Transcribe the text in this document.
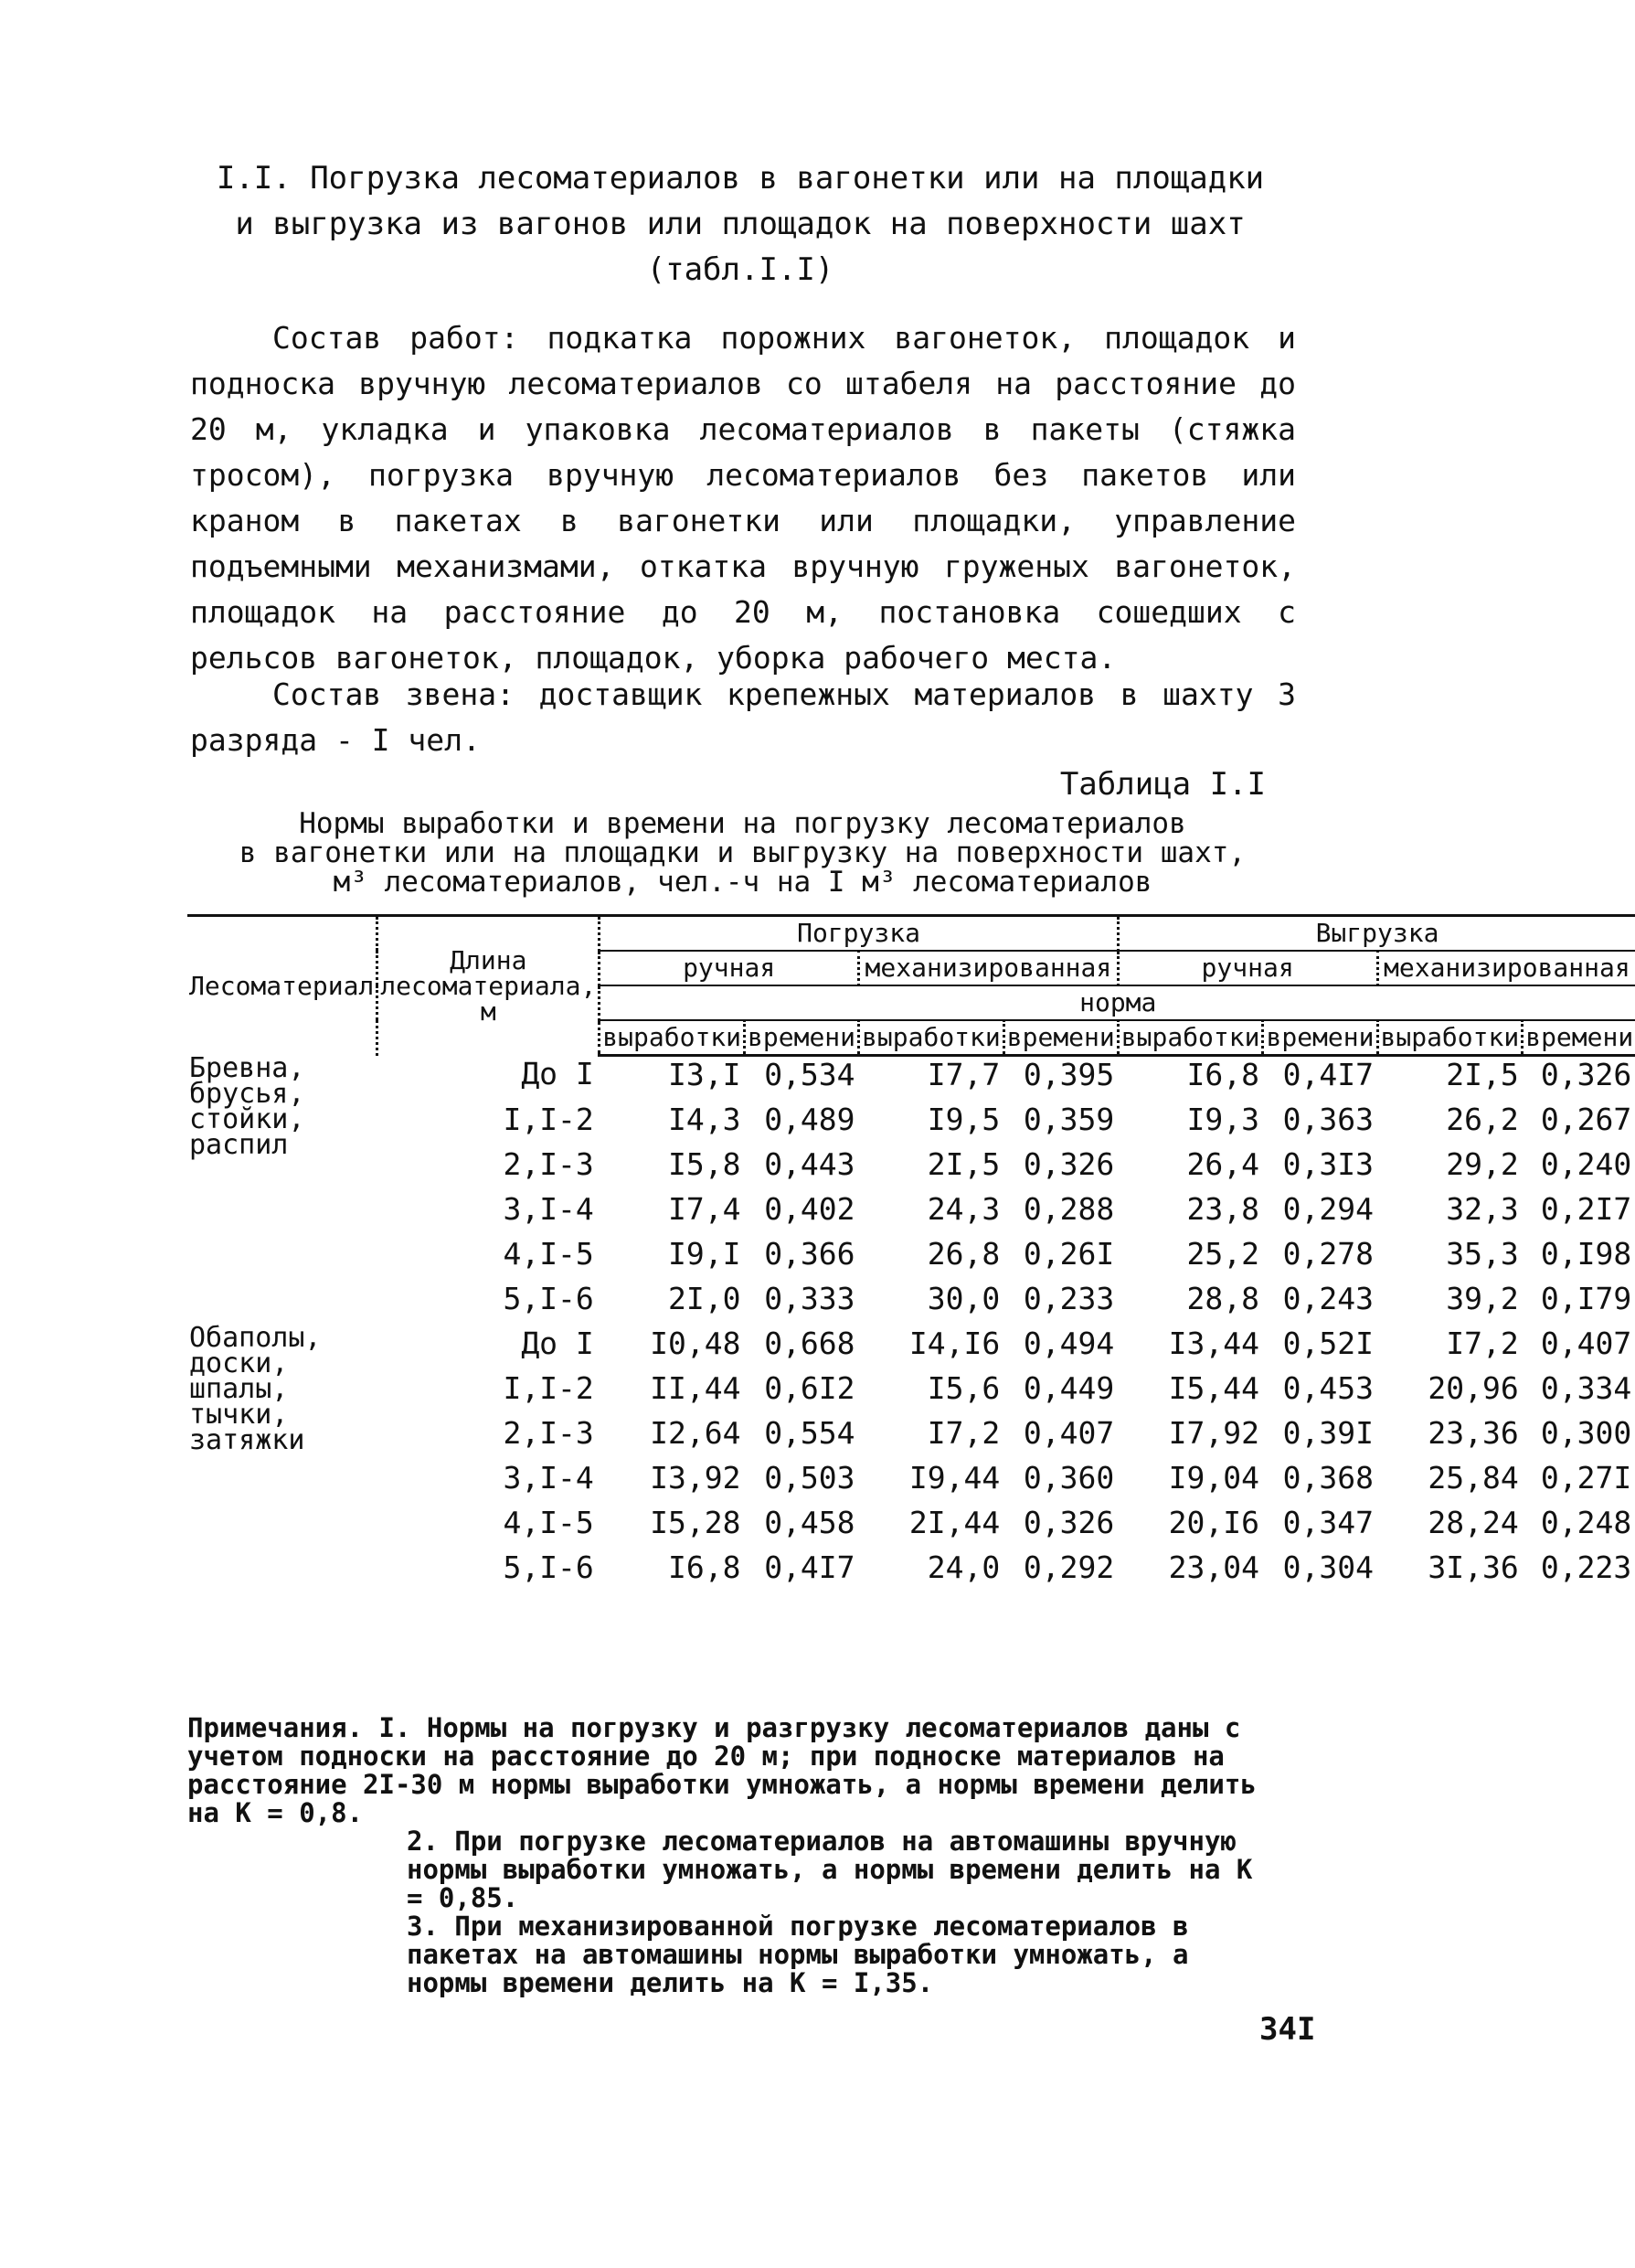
I.I. Погрузка лесоматериалов в вагонетки или на площадки
и выгрузка из вагонов или площадок на поверхности шахт
(табл.I.I)
Состав работ: подкатка порожних вагонеток, площадок и подноска вручную лесоматериалов со штабеля на расстояние до 20 м, укладка и упаковка лесоматериалов в пакеты (стяжка тросом), погрузка вручную лесоматериалов без пакетов или краном в пакетах в вагонетки или площадки, управление подъемными механизмами, откатка вручную груженых вагонеток, площадок на расстояние до 20 м, постановка сошедших с рельсов вагонеток, площадок, уборка рабочего места.
Состав звена: доставщик крепежных материалов в шахту 3 разряда - I чел.
Таблица I.I
Нормы выработки и времени на погрузку лесоматериалов
в вагонетки или на площадки и выгрузку на поверхности шахт,
м³ лесоматериалов, чел.-ч на I м³ лесоматериалов
Лесоматериал	Длина лесоматериала, м	Погрузка				Выгрузка			
		ручная		механизированная		ручная		механизированная	
		норма							
		выработки	времени	выработки	времени	выработки	времени	выработки	времени
Бревна,
брусья,
стойки,
распил	До I	I3,I	0,534	I7,7	0,395	I6,8	0,4I7	2I,5	0,326
	I,I-2	I4,3	0,489	I9,5	0,359	I9,3	0,363	26,2	0,267
	2,I-3	I5,8	0,443	2I,5	0,326	26,4	0,3I3	29,2	0,240
	3,I-4	I7,4	0,402	24,3	0,288	23,8	0,294	32,3	0,2I7
	4,I-5	I9,I	0,366	26,8	0,26I	25,2	0,278	35,3	0,I98
	5,I-6	2I,0	0,333	30,0	0,233	28,8	0,243	39,2	0,I79
Обаполы,
доски,
шпалы,
тычки,
затяжки	До I	I0,48	0,668	I4,I6	0,494	I3,44	0,52I	I7,2	0,407
	I,I-2	II,44	0,6I2	I5,6	0,449	I5,44	0,453	20,96	0,334
	2,I-3	I2,64	0,554	I7,2	0,407	I7,92	0,39I	23,36	0,300
	3,I-4	I3,92	0,503	I9,44	0,360	I9,04	0,368	25,84	0,27I
	4,I-5	I5,28	0,458	2I,44	0,326	20,I6	0,347	28,24	0,248
	5,I-6	I6,8	0,4I7	24,0	0,292	23,04	0,304	3I,36	0,223

Примечания. I. Нормы на погрузку и разгрузку лесоматериалов даны с учетом подноски на расстояние до 20 м; при подноске материалов на расстояние 2I-30 м нормы выработки умножать, а нормы времени делить на К = 0,8.

2. При погрузке лесоматериалов на автомашины вручную нормы выработки умножать, а нормы времени делить на К = 0,85.

3. При механизированной погрузке лесоматериалов в пакетах на автомашины нормы выработки умножать, а нормы времени делить на К = I,35.

34I
